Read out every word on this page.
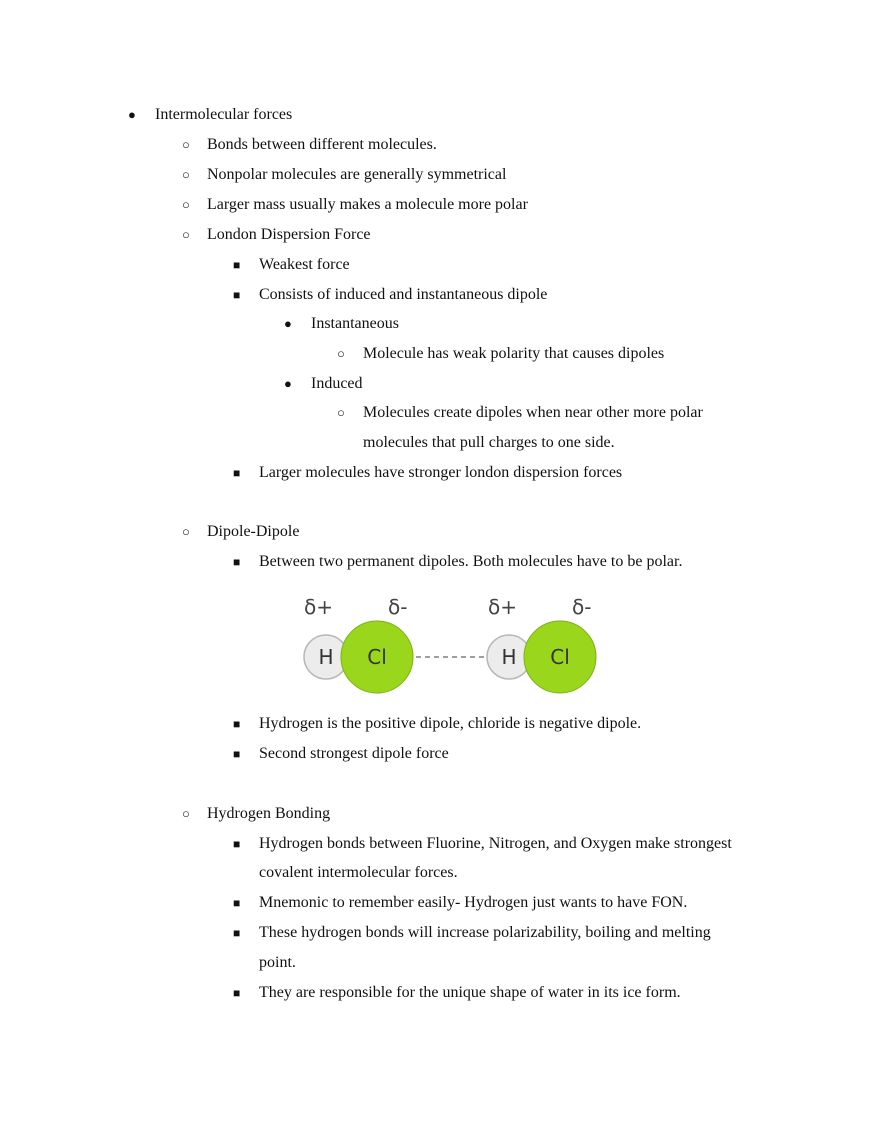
● Intermolecular forces
○ Bonds between different molecules.
○ Nonpolar molecules are generally symmetrical
○ Larger mass usually makes a molecule more polar
○ London Dispersion Force
■ Weakest force
■ Consists of induced and instantaneous dipole
● Instantaneous
○ Molecule has weak polarity that causes dipoles
● Induced
○ Molecules create dipoles when near other more polar
molecules that pull charges to one side.
■ Larger molecules have stronger london dispersion forces
○ Dipole-Dipole
■ Between two permanent dipoles. Both molecules have to be polar.
δ+	δ-	δ+	δ-
H Cl	H Cl
■ Hydrogen is the positive dipole, chloride is negative dipole.
■ Second strongest dipole force
○ Hydrogen Bonding
■ Hydrogen bonds between Fluorine, Nitrogen, and Oxygen make strongest
covalent intermolecular forces.
■ Mnemonic to remember easily- Hydrogen just wants to have FON.
■ These hydrogen bonds will increase polarizability, boiling and melting
point.
■ They are responsible for the unique shape of water in its ice form.
